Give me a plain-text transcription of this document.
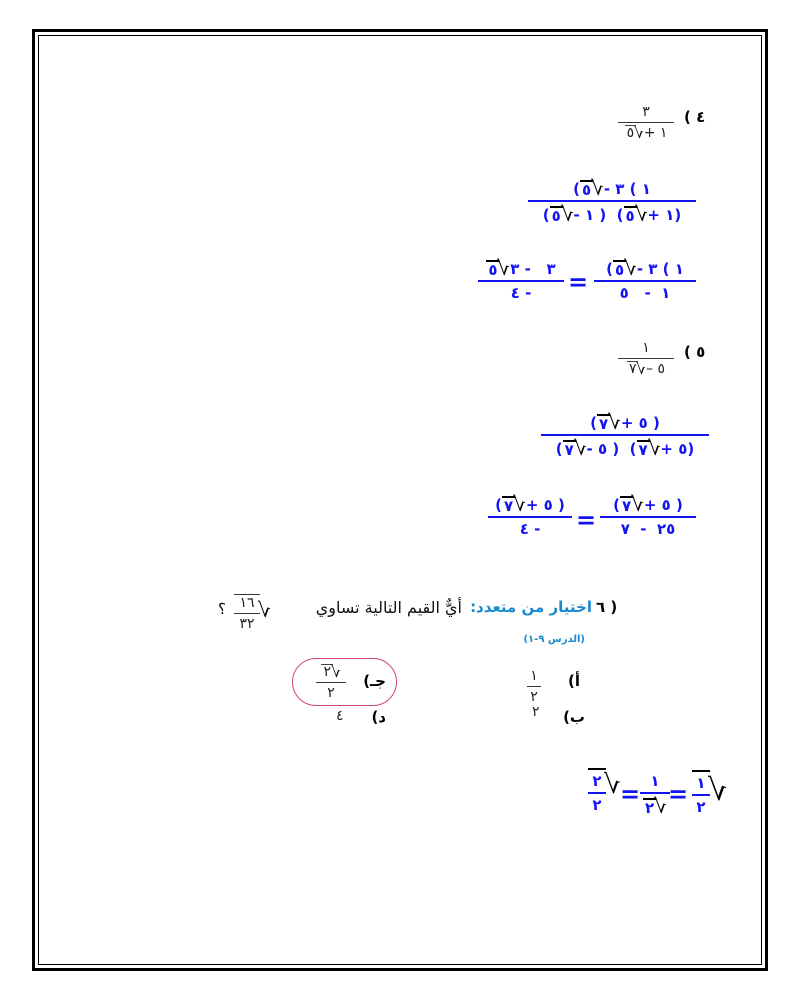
( ٤
٣
٥ √ + ١
( ٥ √ - ١ ) ٣
( ٥ √ - ١ )
( ٥ √ + ١)
٥ √ ٣   - ٣
٤ - = ( ٥ √ - ١ ) ٣
٥   -  ١
( ٥
١
٧ √ – ٥
( ٧ √ + ٥ )
( ٧ √ - ٥ )
( ٧ √ + ٥)
( ٧ √ + ٥ )
٤ - =
( ٧ √ + ٥ )
٧  -  ٢٥
٦ )
اختيار من متعدد:
أيٌّ القيم التالية تساوي
√
١٦
٣٢
؟
(الدرس ٩-١)
أ)
١
٢
ب)
٢
جـ)
٢ √
٢
د)
٤
√
١
٢
=
١
٢ √
=
√
٢
٢
